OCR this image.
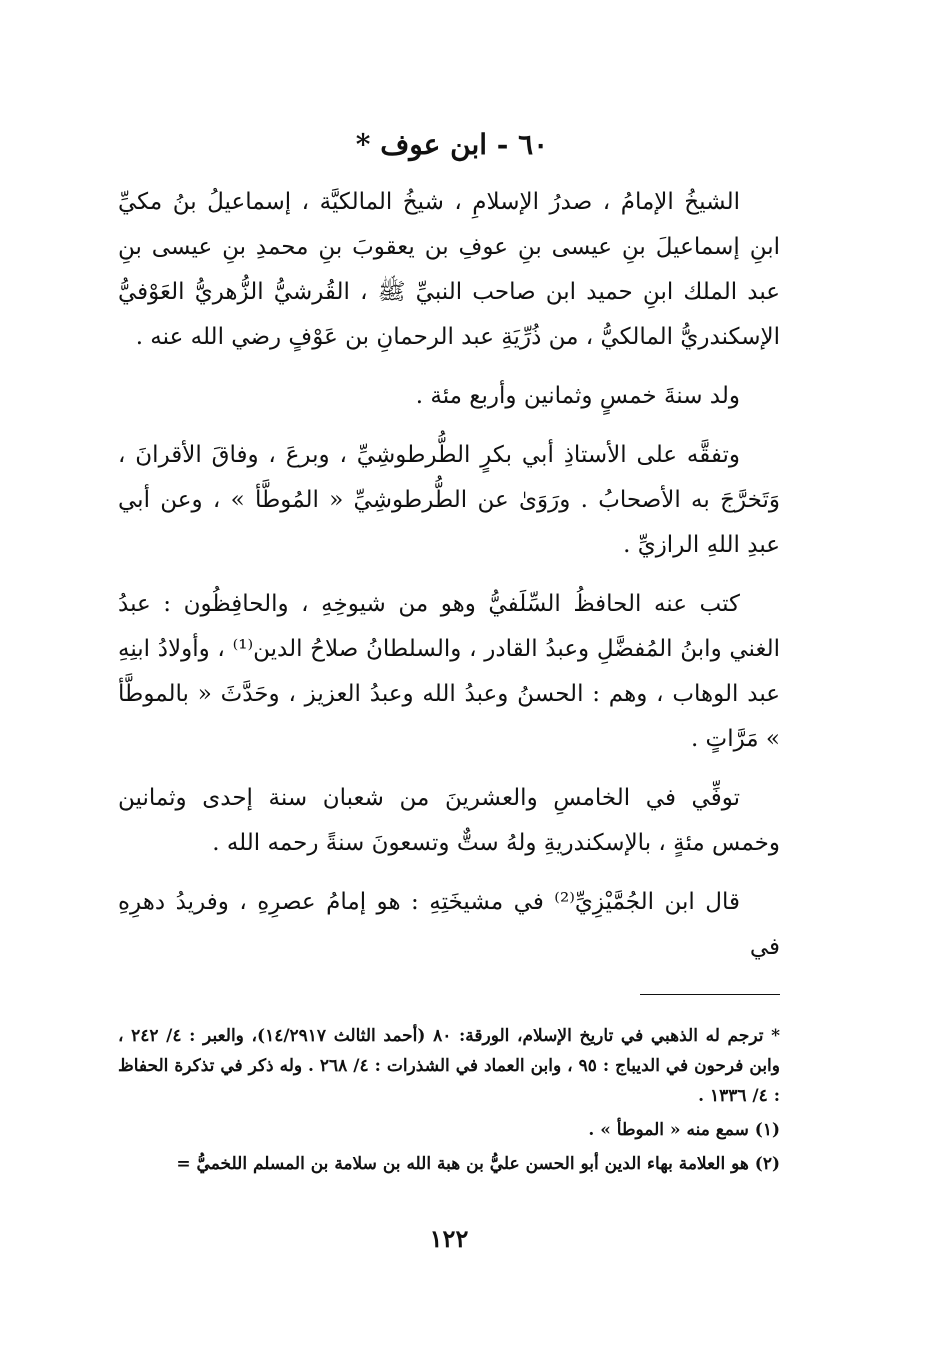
٦٠ - ابن عوف *

الشيخُ الإمامُ ، صدرُ الإسلامِ ، شيخُ المالكيَّة ، إسماعيلُ بنُ مكيِّ ابنِ إسماعيلَ بنِ عيسى بنِ عوفِ بن يعقوبَ بنِ محمدِ بنِ عيسى بنِ عبد الملك ابنِ حميد ابن صاحب النبيِّ ﷺ ، القُرشيُّ الزُّهريُّ العَوْفيُّ الإسكندريُّ المالكيُّ ، من ذُرِّيَةِ عبد الرحمانِ بن عَوْفٍ رضي الله عنه .

ولد سنةَ خمسٍ وثمانين وأربع مئة .

وتفقَّه على الأستاذِ أبي بكرٍ الطُّرطوشِيِّ ، وبرعَ ، وفاقَ الأقرانَ ، وَتَخرَّجَ به الأصحابُ . ورَوَىٰ عن الطُّرطوشِيِّ « المُوطَّأ » ، وعن أبي عبدِ اللهِ الرازيِّ .

كتب عنه الحافظُ السِّلَفيُّ وهو من شيوخِهِ ، والحافِظُون : عبدُ الغني وابنُ المُفضَّلِ وعبدُ القادر ، والسلطانُ صلاحُ الدين⁽¹⁾ ، وأولادُ ابنِهِ عبد الوهاب ، وهم : الحسنُ وعبدُ الله وعبدُ العزيز ، وحَدَّثَ « بالموطَّأ » مَرَّاتٍ .

توفِّي في الخامسِ والعشرينَ من شعبان سنة إحدى وثمانين وخمس مئةٍ ، بالإسكندريةِ ولهُ ستٌّ وتسعونَ سنةً رحمه الله .

قال ابن الجُمَّيْزِيِّ⁽²⁾ في مشيخَتِهِ : هو إمامُ عصرِهِ ، وفريدُ دهرِهِ في

* ترجم له الذهبي في تاريخ الإسلام، الورقة: ٨٠ (أحمد الثالث ١٤/٢٩١٧)، والعبر : ٤/ ٢٤٢ ، وابن فرحون في الديباج : ٩٥ ، وابن العماد في الشذرات : ٤/ ٢٦٨ . وله ذكر في تذكرة الحفاظ : ٤/ ١٣٣٦ .

(١) سمع منه « الموطأ » .

(٢) هو العلامة بهاء الدين أبو الحسن عليُّ بن هبة الله بن سلامة بن المسلم اللخميُّ =

١٢٢
